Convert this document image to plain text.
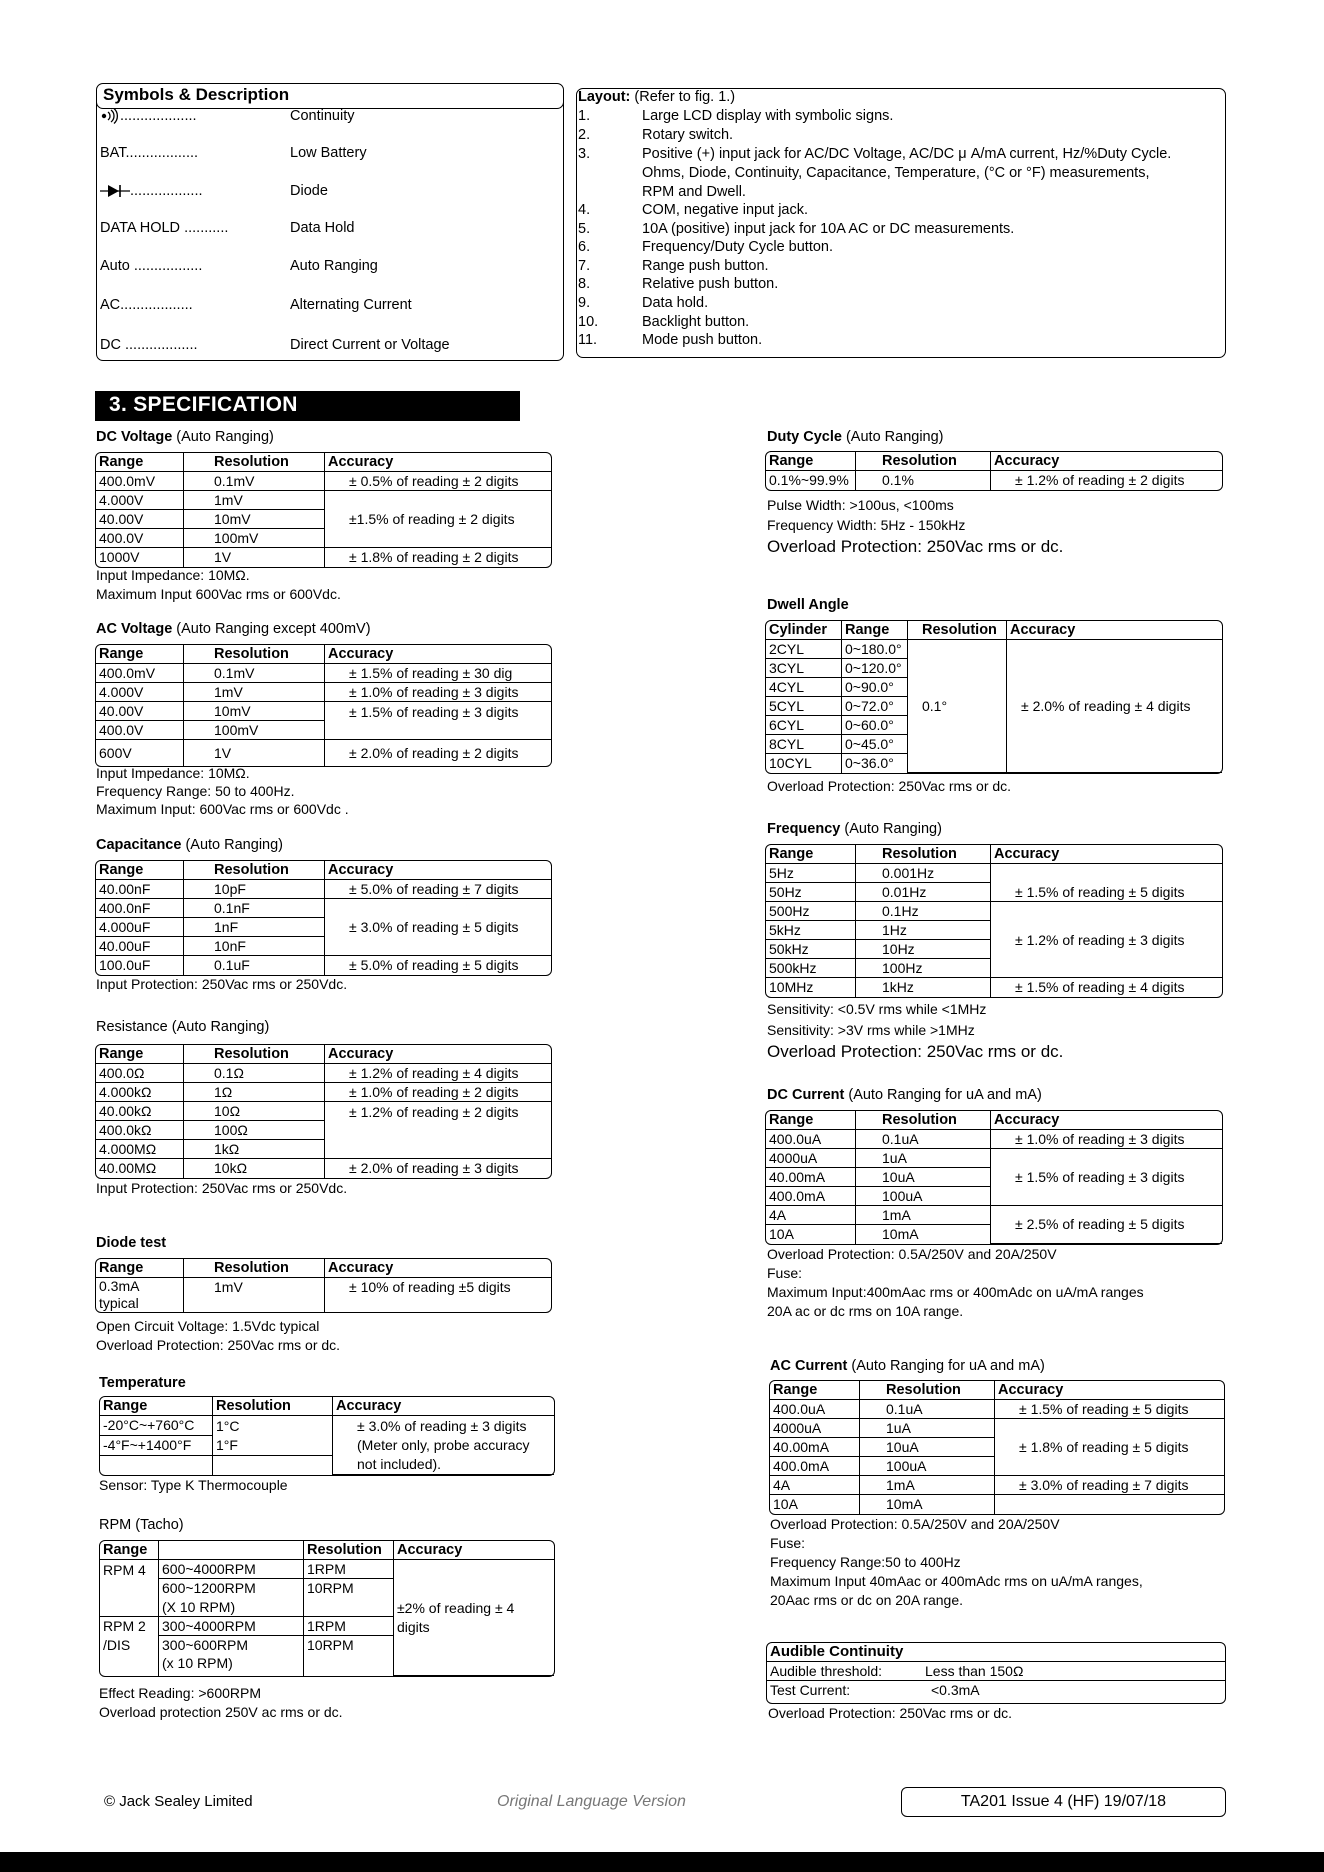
Symbols & Description
...................	Continuity
BAT..................	Low Battery
..................	Diode
DATA HOLD ...........	Data Hold
Auto .................	Auto Ranging
AC..................	Alternating Current
DC ..................	Direct Current or Voltage
Layout: (Refer to fig. 1.)
1.	Large LCD display with symbolic signs.
2.	Rotary switch.
3.	Positive (+) input jack for AC/DC Voltage, AC/DC μ A/mA current, Hz/%Duty Cycle.
Ohms, Diode, Continuity, Capacitance, Temperature, (°C or °F) measurements,
RPM and Dwell.
4.	COM, negative input jack.
5.	10A (positive) input jack for 10A AC or DC measurements.
6.	Frequency/Duty Cycle button.
7.	Range push button.
8.	Relative push button.
9.	Data hold.
10.	Backlight button.
11.	Mode push button.
3. SPECIFICATION
DC Voltage (Auto Ranging)
Range	Resolution	Accuracy
400.0mV	0.1mV	± 0.5% of reading ± 2 digits
4.000V	1mV	±1.5% of reading ± 2 digits
40.00V	10mV	
400.0V	100mV	
1000V	1V	± 1.8% of reading ± 2 digits
Input Impedance: 10MΩ.
Maximum Input 600Vac rms or 600Vdc.
AC Voltage (Auto Ranging except 400mV)
Range	Resolution	Accuracy
400.0mV	0.1mV	± 1.5% of reading ± 30 dig
4.000V	1mV	± 1.0% of reading ± 3 digits
40.00V	10mV	± 1.5% of reading ± 3 digits
400.0V	100mV	
600V	1V	± 2.0% of reading ± 2 digits
Input Impedance: 10MΩ.
Frequency Range: 50 to 400Hz.
Maximum Input: 600Vac rms or 600Vdc .
Capacitance (Auto Ranging)
Range	Resolution	Accuracy
40.00nF	10pF	± 5.0% of reading ± 7 digits
400.0nF	0.1nF	± 3.0% of reading ± 5 digits
4.000uF	1nF	
40.00uF	10nF	
100.0uF	0.1uF	± 5.0% of reading ± 5 digits
Input Protection: 250Vac rms or 250Vdc.
Resistance (Auto Ranging)
Range	Resolution	Accuracy
400.0Ω	0.1Ω	± 1.2% of reading ± 4 digits
4.000kΩ	1Ω	± 1.0% of reading ± 2 digits
40.00kΩ	10Ω	± 1.2% of reading ± 2 digits
400.0kΩ	100Ω	
4.000MΩ	1kΩ	
40.00MΩ	10kΩ	± 2.0% of reading ± 3 digits
Input Protection: 250Vac rms or 250Vdc.
Diode test
Range	Resolution	Accuracy
0.3mA
typical	1mV	± 10% of reading ±5 digits
Open Circuit Voltage: 1.5Vdc typical
Overload Protection: 250Vac rms or dc.
Temperature
Range	Resolution	Accuracy
-20°C~+760°C	1°C	± 3.0% of reading ± 3 digits
(Meter only, probe accuracy
not included).
-4°F~+1400°F	1°F	

Sensor: Type K Thermocouple
RPM (Tacho)
Range		Resolution	Accuracy
RPM 4	600~4000RPM	1RPM	±2% of reading ± 4
digits
	600~1200RPM	10RPM	
	(X 10 RPM)		
RPM 2	300~4000RPM	1RPM	
/DIS	300~600RPM	10RPM	
	(x 10 RPM)		
Effect Reading: >600RPM
Overload protection 250V ac rms or dc.
Duty Cycle (Auto Ranging)
Range	Resolution	Accuracy
0.1%~99.9%	0.1%	± 1.2% of reading ± 2 digits
Pulse Width: >100us, <100ms
Frequency Width: 5Hz - 150kHz
Overload Protection: 250Vac rms or dc.
Dwell Angle
Cylinder	Range	Resolution	Accuracy
2CYL	0~180.0°	0.1°	± 2.0% of reading ± 4 digits
3CYL	0~120.0°		
4CYL	0~90.0°		
5CYL	0~72.0°		
6CYL	0~60.0°		
8CYL	0~45.0°		
10CYL	0~36.0°		
Overload Protection: 250Vac rms or dc.
Frequency (Auto Ranging)
Range	Resolution	Accuracy
5Hz	0.001Hz	
50Hz	0.01Hz	± 1.5% of reading ± 5 digits
500Hz	0.1Hz	± 1.2% of reading ± 3 digits
5kHz	1Hz	
50kHz	10Hz	
500kHz	100Hz	
10MHz	1kHz	± 1.5% of reading ± 4 digits
Sensitivity: <0.5V rms while <1MHz
Sensitivity: >3V rms while >1MHz
Overload Protection: 250Vac rms or dc.
DC Current (Auto Ranging for uA and mA)
Range	Resolution	Accuracy
400.0uA	0.1uA	± 1.0% of reading ± 3 digits
4000uA	1uA	± 1.5% of reading ± 3 digits
40.00mA	10uA	
400.0mA	100uA	
4A	1mA	± 2.5% of reading ± 5 digits
10A	10mA	
Overload Protection: 0.5A/250V and 20A/250V
Fuse:
Maximum Input:400mAac rms or 400mAdc on uA/mA ranges
20A ac or dc rms on 10A range.
AC Current (Auto Ranging for uA and mA)
Range	Resolution	Accuracy
400.0uA	0.1uA	± 1.5% of reading ± 5 digits
4000uA	1uA	± 1.8% of reading ± 5 digits
40.00mA	10uA	
400.0mA	100uA	
4A	1mA	± 3.0% of reading ± 7 digits
10A	10mA	
Overload Protection: 0.5A/250V and 20A/250V
Fuse:
Frequency Range:50 to 400Hz
Maximum Input 40mAac or 400mAdc rms on uA/mA ranges,
20Aac rms or dc on 20A range.
Audible Continuity	
Audible threshold:	Less than 150Ω
Test Current:	<0.3mA
Overload Protection: 250Vac rms or dc.
© Jack Sealey Limited	Original Language Version	TA201 Issue 4 (HF) 19/07/18
